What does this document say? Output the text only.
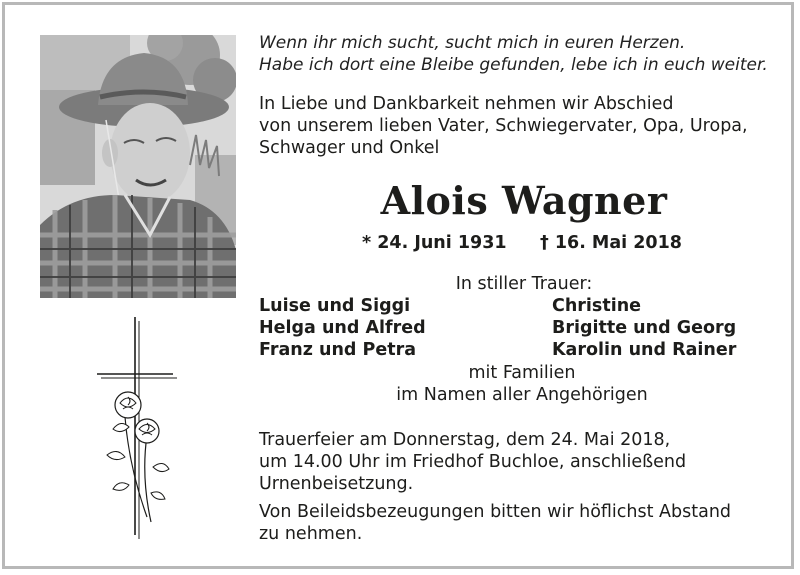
Wenn ihr mich sucht, sucht mich in euren Herzen.
Habe ich dort eine Bleibe gefunden, lebe ich in euch weiter.
In Liebe und Dankbarkeit nehmen wir Abschied
von unserem lieben Vater, Schwiegervater, Opa, Uropa,
Schwager und Onkel
Alois Wagner
* 24. Juni 1931 † 16. Mai 2018
In stiller Trauer:
Luise und Siggi	Christine
Helga und Alfred	Brigitte und Georg
Franz und Petra	Karolin und Rainer
mit Familien
im Namen aller Angehörigen
Trauerfeier am Donnerstag, dem 24. Mai 2018,
um 14.00 Uhr im Friedhof Buchloe, anschließend
Urnenbeisetzung.
Von Beileidsbezeugungen bitten wir höflichst Abstand
zu nehmen.
